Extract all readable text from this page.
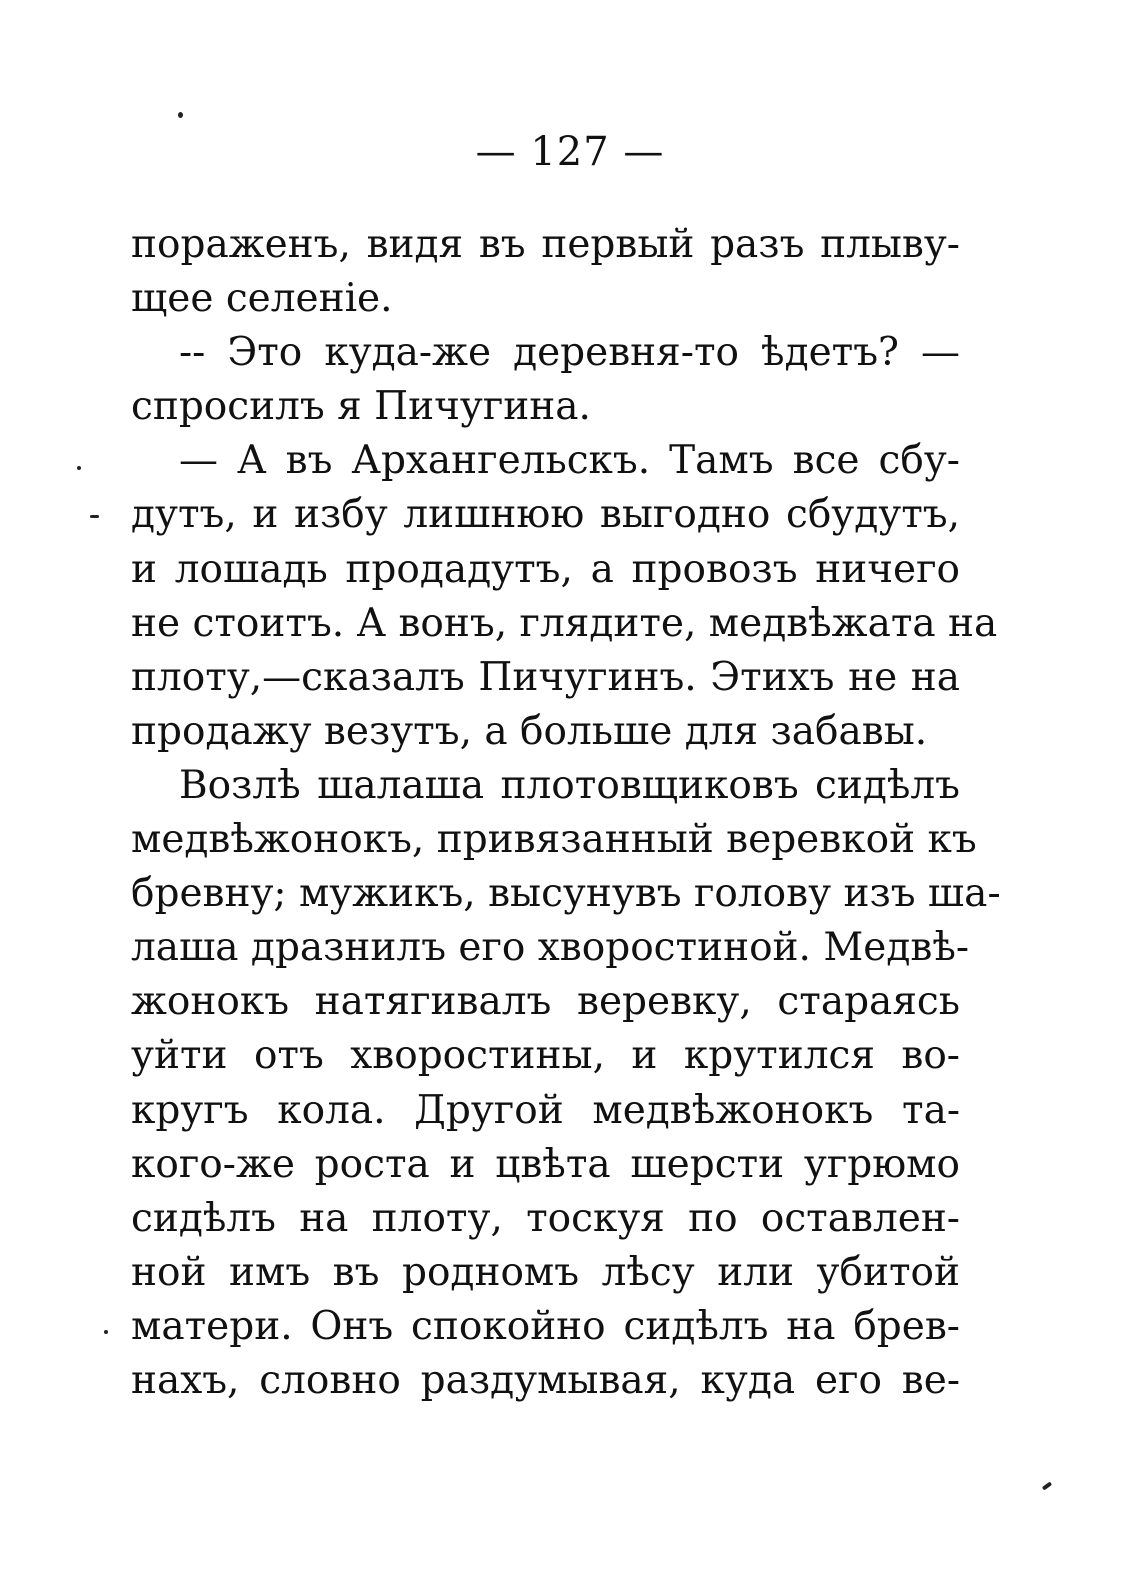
— 127 —
пораженъ, видя въ первый разъ плыву-
щее селенiе.
-- Это куда-же деревня-то ѣдетъ? —
спросилъ я Пичугина.
— А въ Архангельскъ. Тамъ все сбу-
дутъ, и избу лишнюю выгодно сбудутъ,
и лошадь продадутъ, а провозъ ничего
не стоитъ. А вонъ, глядите, медвѣжата на
плоту,—сказалъ Пичугинъ. Этихъ не на
продажу везутъ, а больше для забавы.
Возлѣ шалаша плотовщиковъ сидѣлъ
медвѣжонокъ, привязанный веревкой къ
бревну; мужикъ, высунувъ голову изъ ша-
лаша дразнилъ его хворостиной. Медвѣ-
жонокъ натягивалъ веревку, стараясь
уйти отъ хворостины, и крутился во-
кругъ кола. Другой медвѣжонокъ та-
кого-же роста и цвѣта шерсти угрюмо
сидѣлъ на плоту, тоскуя по оставлен-
ной имъ въ родномъ лѣсу или убитой
матери. Онъ спокойно сидѣлъ на брев-
нахъ, словно раздумывая, куда его ве-
